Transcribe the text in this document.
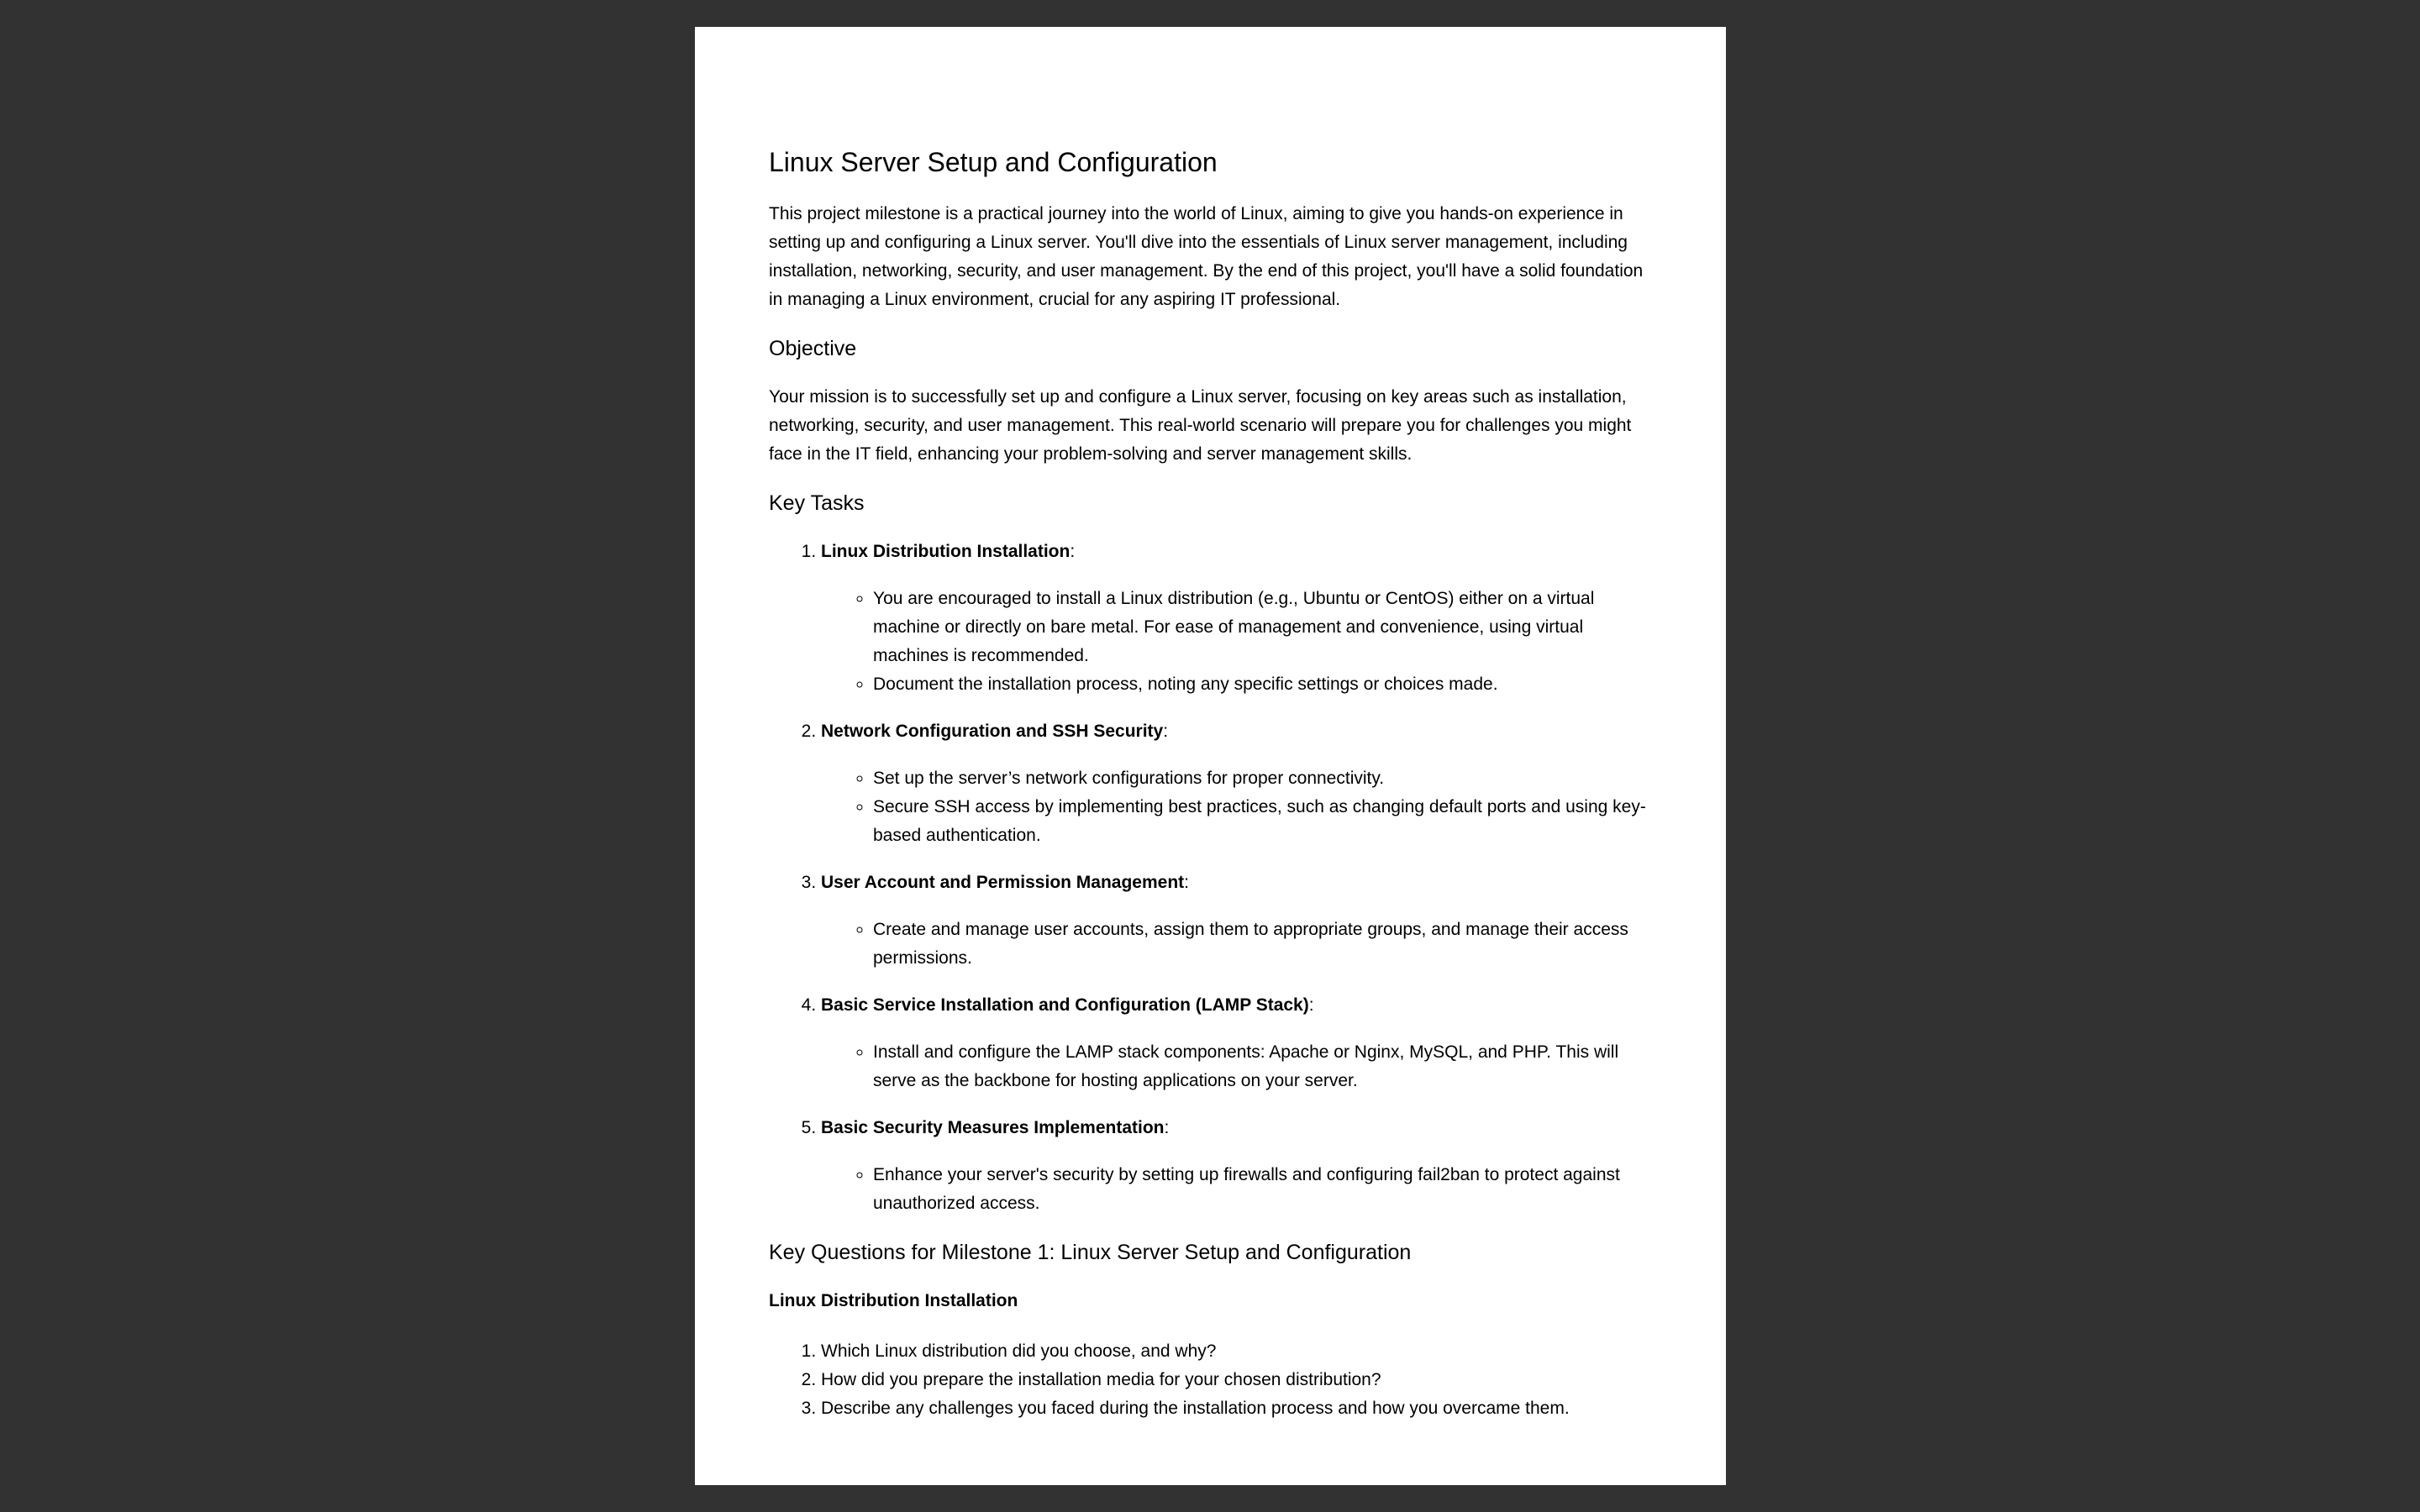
Linux Server Setup and Configuration

This project milestone is a practical journey into the world of Linux, aiming to give you hands-on experience in setting up and configuring a Linux server. You'll dive into the essentials of Linux server management, including installation, networking, security, and user management. By the end of this project, you'll have a solid foundation in managing a Linux environment, crucial for any aspiring IT professional.

Objective

Your mission is to successfully set up and configure a Linux server, focusing on key areas such as installation, networking, security, and user management. This real-world scenario will prepare you for challenges you might face in the IT field, enhancing your problem-solving and server management skills.

Key Tasks
1. Linux Distribution Installation:
◦ You are encouraged to install a Linux distribution (e.g., Ubuntu or CentOS) either on a virtual machine or directly on bare metal. For ease of management and convenience, using virtual machines is recommended.
◦ Document the installation process, noting any specific settings or choices made.
2. Network Configuration and SSH Security:
◦ Set up the server’s network configurations for proper connectivity.
◦ Secure SSH access by implementing best practices, such as changing default ports and using key-based authentication.
3. User Account and Permission Management:
◦ Create and manage user accounts, assign them to appropriate groups, and manage their access permissions.
4. Basic Service Installation and Configuration (LAMP Stack):
◦ Install and configure the LAMP stack components: Apache or Nginx, MySQL, and PHP. This will serve as the backbone for hosting applications on your server.
5. Basic Security Measures Implementation:
◦ Enhance your server's security by setting up firewalls and configuring fail2ban to protect against unauthorized access.
Key Questions for Milestone 1: Linux Server Setup and Configuration
Linux Distribution Installation
1. Which Linux distribution did you choose, and why?
2. How did you prepare the installation media for your chosen distribution?
3. Describe any challenges you faced during the installation process and how you overcame them.
